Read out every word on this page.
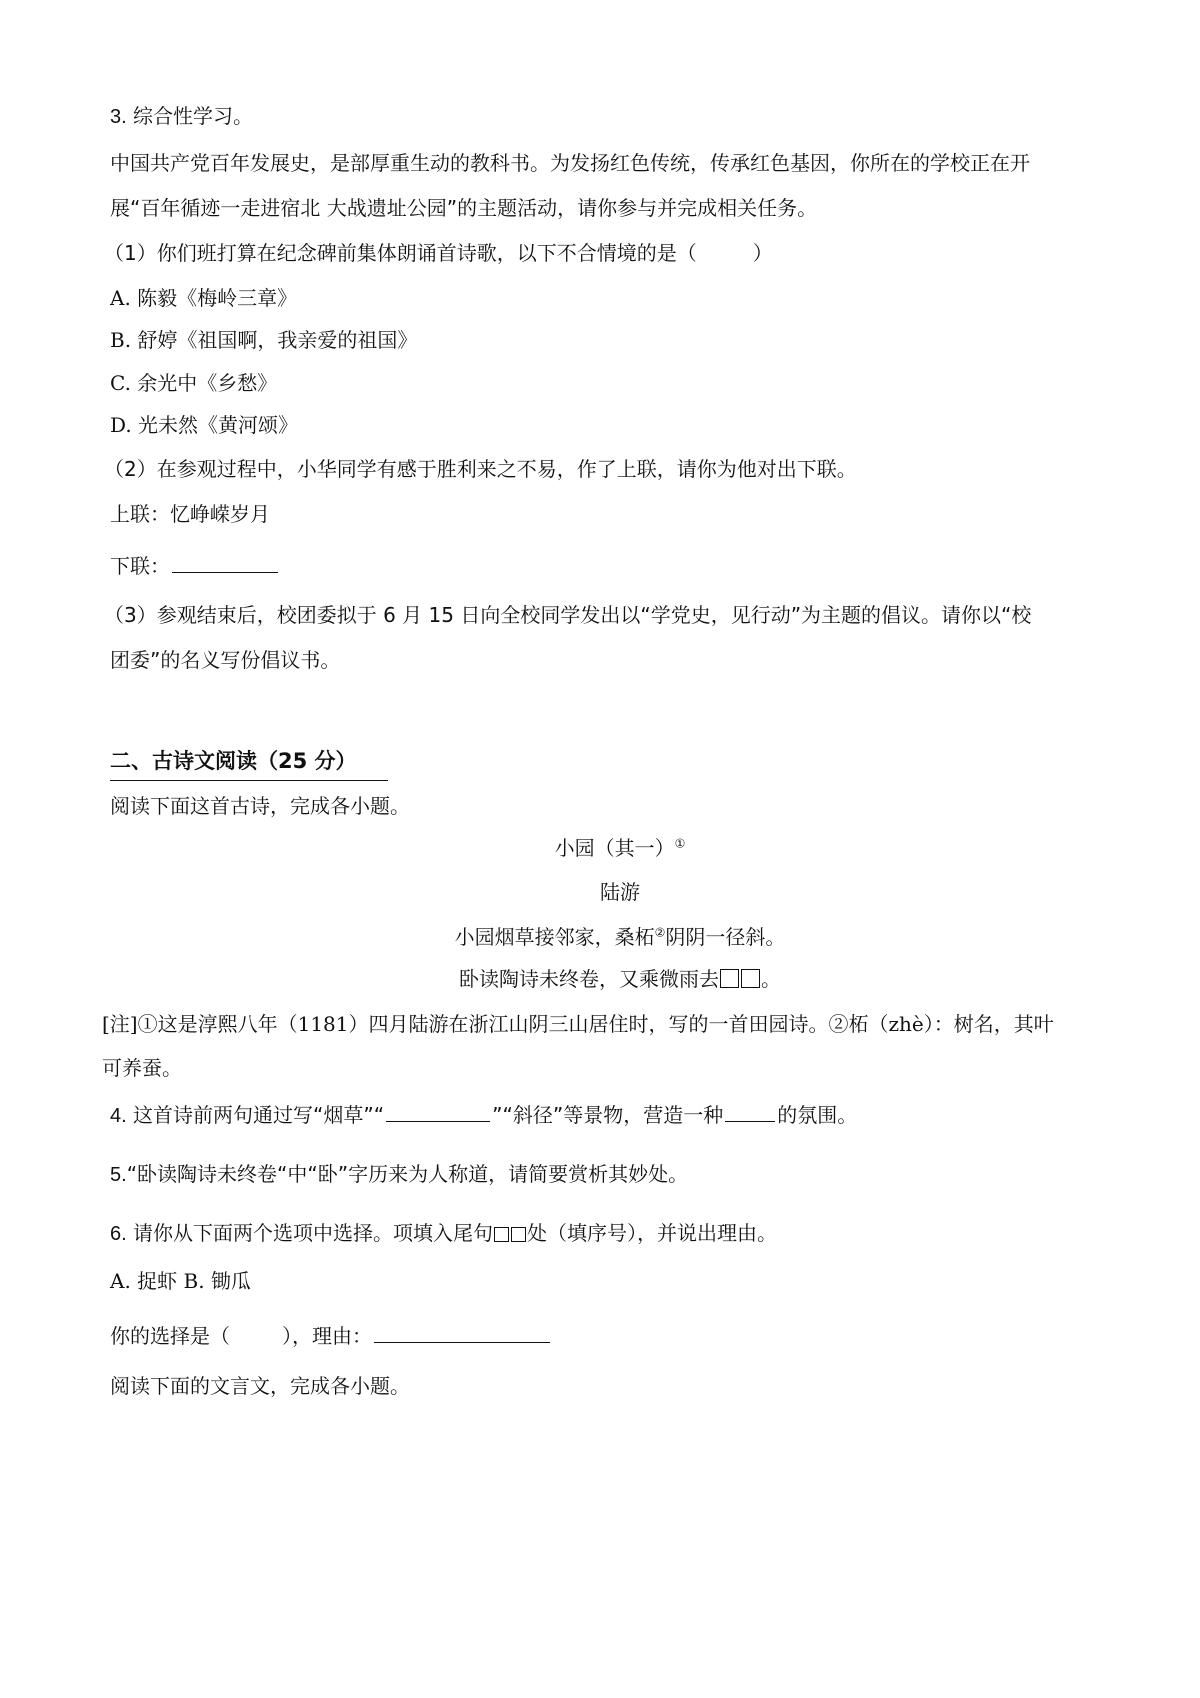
3. 综合性学习。
中国共产党百年发展史，是部厚重生动的教科书。为发扬红色传统，传承红色基因，你所在的学校正在开
展“百年循迹一走进宿北 大战遗址公园”的主题活动，请你参与并完成相关任务。
（1）你们班打算在纪念碑前集体朗诵首诗歌，以下不合情境的是（	）
A. 陈毅《梅岭三章》
B. 舒婷《祖国啊，我亲爱的祖国》
C. 余光中《乡愁》
D. 光未然《黄河颂》
（2）在参观过程中，小华同学有感于胜利来之不易，作了上联，请你为他对出下联。
上联：忆峥嵘岁月
下联：
（3）参观结束后，校团委拟于 6 月 15 日向全校同学发出以“学党史，见行动”为主题的倡议。请你以“校
团委”的名义写份倡议书。
二、古诗文阅读（25 分）
阅读下面这首古诗，完成各小题。
小园（其一）①
陆游
小园烟草接邻家，桑柘②阴阴一径斜。
卧读陶诗未终卷，又乘微雨去 。
[注]①这是淳熙八年（1181）四月陆游在浙江山阴三山居住时，写的一首田园诗。②柘（zhè）：树名，其叶
可养蚕。
4. 这首诗前两句通过写“烟草”“	”“斜径”等景物，营造一种	的氛围。
5.“卧读陶诗未终卷“中“卧”字历来为人称道，请简要赏析其妙处。
6. 请你从下面两个选项中选择。项填入尾句 处（填序号），并说出理由。
A. 捉虾 B. 锄瓜
你的选择是（	），理由：
阅读下面的文言文，完成各小题。
